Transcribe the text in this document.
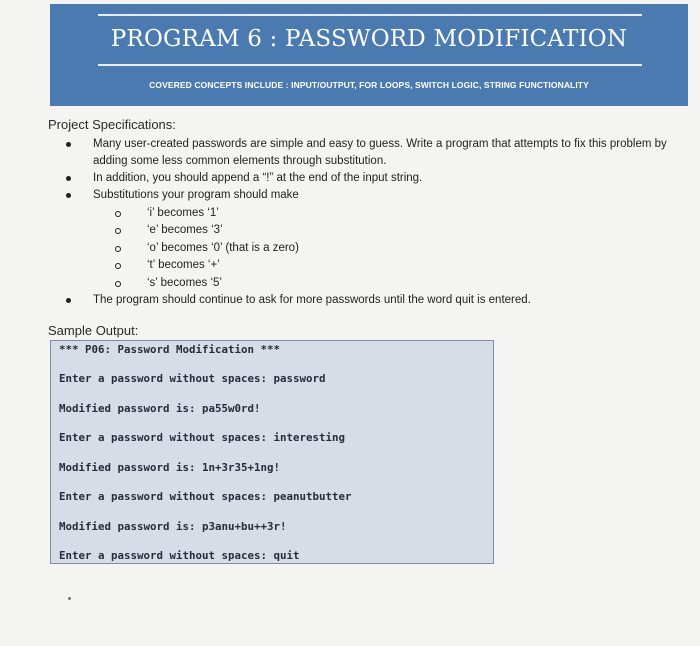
PROGRAM 6 : PASSWORD MODIFICATION
COVERED CONCEPTS INCLUDE : INPUT/OUTPUT, FOR LOOPS, SWITCH LOGIC, STRING FUNCTIONALITY
Project Specifications:
Many user-created passwords are simple and easy to guess. Write a program that attempts to fix this problem by adding some less common elements through substitution.
In addition, you should append a “!” at the end of the input string.
Substitutions your program should make
‘i’ becomes ‘1’
‘e’ becomes ‘3’
‘o’ becomes ‘0’ (that is a zero)
‘t’ becomes ‘+’
‘s’ becomes ‘5’
The program should continue to ask for more passwords until the word quit is entered.
Sample Output:
*** P06: Password Modification ***
Enter a password without spaces: password
Modified password is: pa55w0rd!
Enter a password without spaces: interesting
Modified password is: 1n+3r35+1ng!
Enter a password without spaces: peanutbutter
Modified password is: p3anu+bu++3r!
Enter a password without spaces: quit
